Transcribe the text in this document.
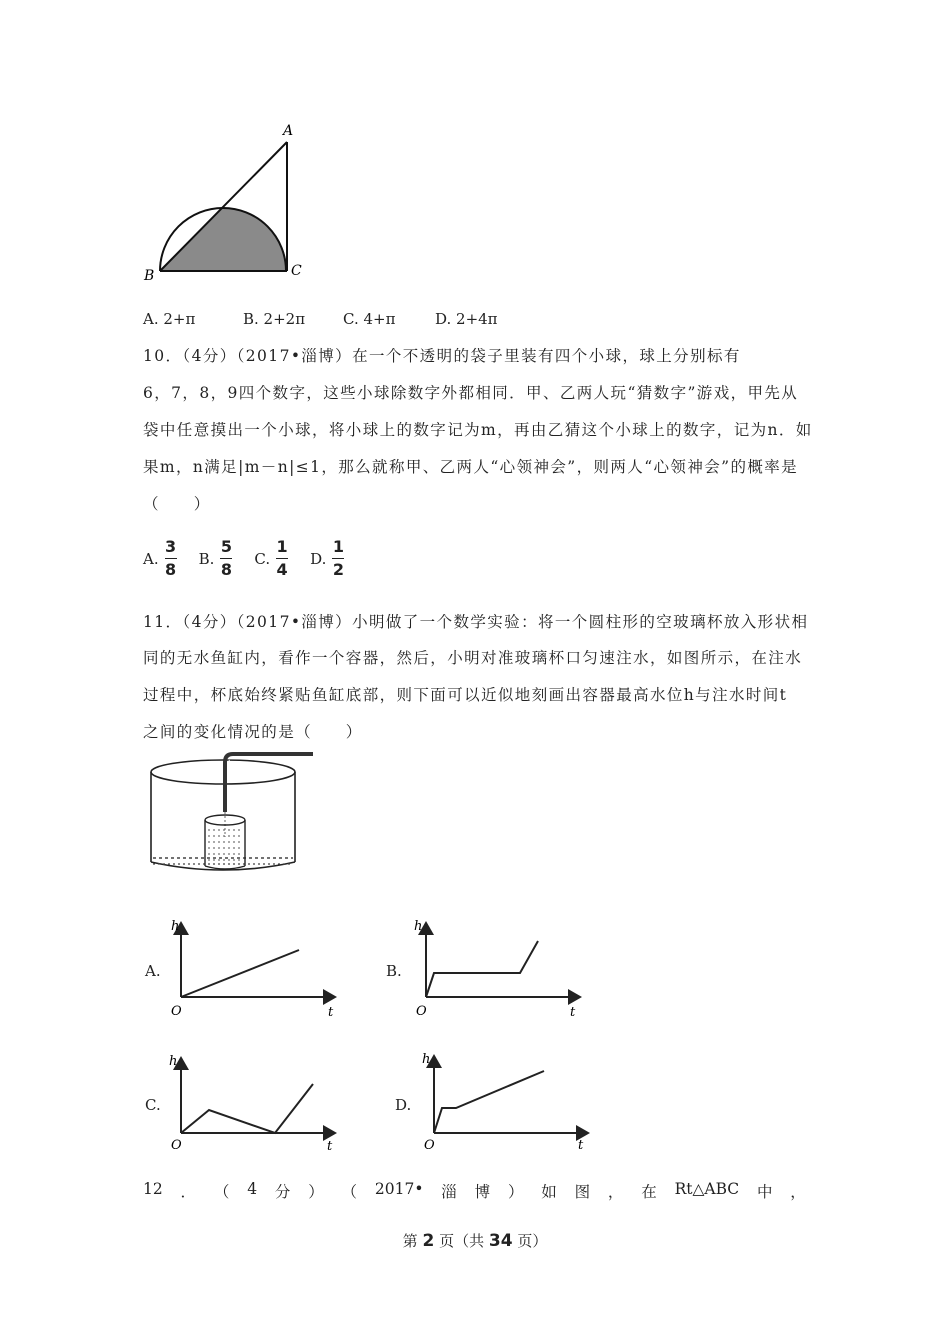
A
B	C
A. 2+π	B. 2+2π	C. 4+π	D. 2+4π
10．（4分）（2017•淄博）在一个不透明的袋子里装有四个小球，球上分别标有
6，7，8，9四个数字，这些小球除数字外都相同．甲、乙两人玩“猜数字”游戏，甲先从
袋中任意摸出一个小球，将小球上的数字记为m，再由乙猜这个小球上的数字，记为n．如
果m，n满足|m－n|≤1，那么就称甲、乙两人“心领神会”，则两人“心领神会”的概率是
（　　）
A. $\frac{3}{8} B$. $\frac{5}{8} C$. $\frac{1}{4} D$. $\frac{1}{2}$
11．（4分）（2017•淄博）小明做了一个数学实验：将一个圆柱形的空玻璃杯放入形状相
同的无水鱼缸内，看作一个容器，然后，小明对准玻璃杯口匀速注水，如图所示，在注水
过程中，杯底始终紧贴鱼缸底部，则下面可以近似地刻画出容器最高水位h与注水时间t
之间的变化情况的是（　　）
A.
h
t
O
B.
h
t
O
C.
h
t
O
D.
h
t
O
12 ． （ 4 分 ） （ 2017• 淄 博 ） 如 图 ， 在 Rt△ABC 中 ，
第 2 页（共 34 页）
